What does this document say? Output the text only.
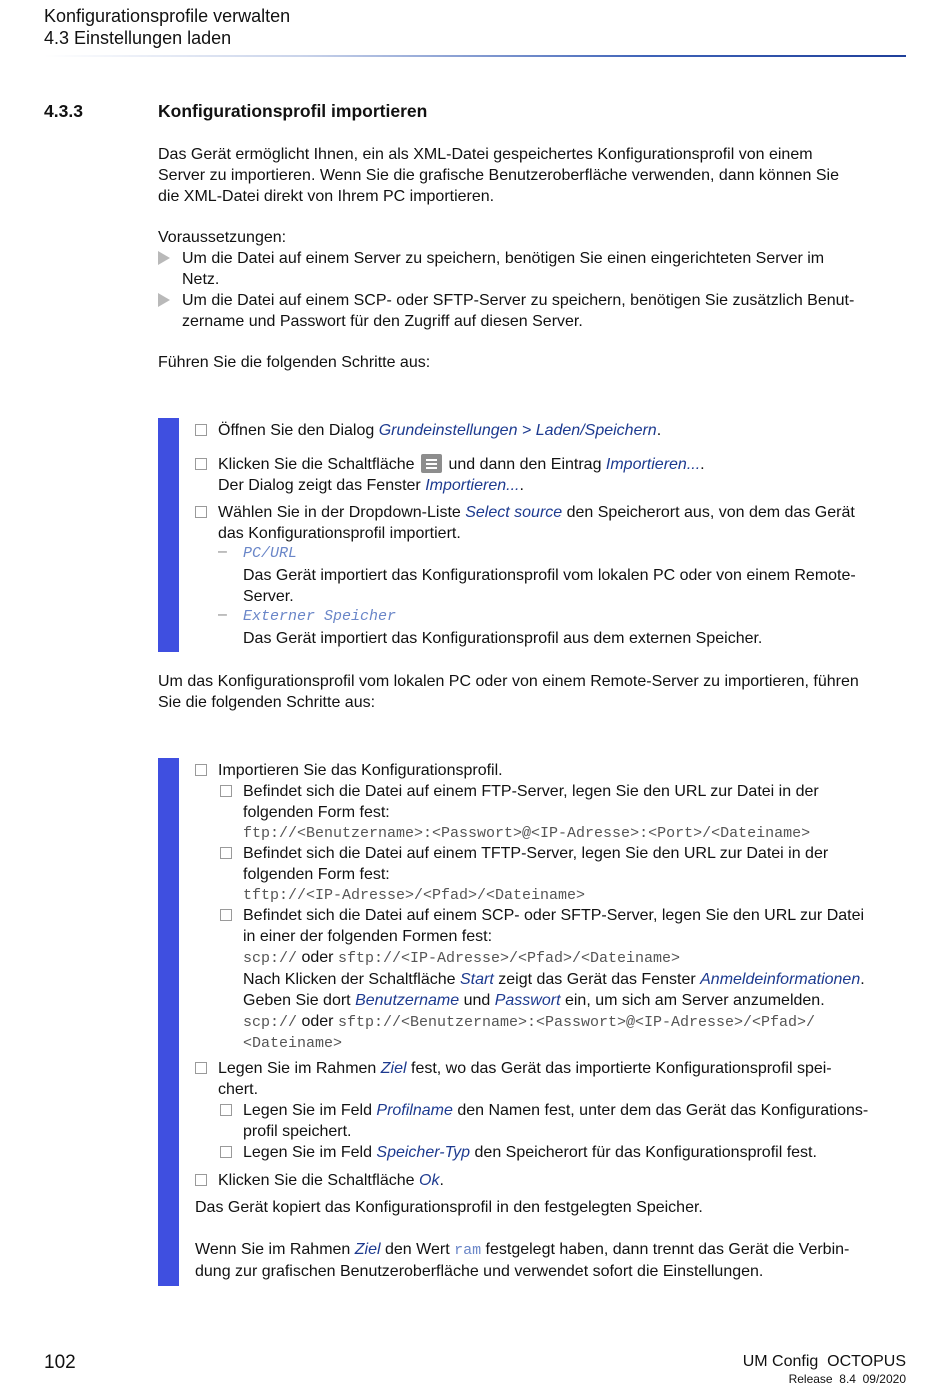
Konfigurationsprofile verwalten
4.3 Einstellungen laden
4.3.3	Konfigurationsprofil importieren
Das Gerät ermöglicht Ihnen, ein als XML-Datei gespeichertes Konfigurationsprofil von einem
Server zu importieren. Wenn Sie die grafische Benutzeroberfläche verwenden, dann können Sie
die XML-Datei direkt von Ihrem PC importieren.
Voraussetzungen:
Um die Datei auf einem Server zu speichern, benötigen Sie einen eingerichteten Server im
Netz.
Um die Datei auf einem SCP- oder SFTP-Server zu speichern, benötigen Sie zusätzlich Benut-
zername und Passwort für den Zugriff auf diesen Server.
Führen Sie die folgenden Schritte aus:
Öffnen Sie den Dialog Grundeinstellungen > Laden/Speichern.
Klicken Sie die Schaltfläche
und dann den Eintrag Importieren....
Der Dialog zeigt das Fenster Importieren....
Wählen Sie in der Dropdown-Liste Select source den Speicherort aus, von dem das Gerät
das Konfigurationsprofil importiert.
– PC/URL
Das Gerät importiert das Konfigurationsprofil vom lokalen PC oder von einem Remote-
Server.
– Externer Speicher
Das Gerät importiert das Konfigurationsprofil aus dem externen Speicher.
Um das Konfigurationsprofil vom lokalen PC oder von einem Remote-Server zu importieren, führen
Sie die folgenden Schritte aus:
Importieren Sie das Konfigurationsprofil.
Befindet sich die Datei auf einem FTP-Server, legen Sie den URL zur Datei in der
folgenden Form fest:
ftp://<Benutzername>:<Passwort>@<IP-Adresse>:<Port>/<Dateiname>
Befindet sich die Datei auf einem TFTP-Server, legen Sie den URL zur Datei in der
folgenden Form fest:
tftp://<IP-Adresse>/<Pfad>/<Dateiname>
Befindet sich die Datei auf einem SCP- oder SFTP-Server, legen Sie den URL zur Datei
in einer der folgenden Formen fest:
scp:// oder sftp://<IP-Adresse>/<Pfad>/<Dateiname>
Nach Klicken der Schaltfläche Start zeigt das Gerät das Fenster Anmeldeinformationen.
Geben Sie dort Benutzername und Passwort ein, um sich am Server anzumelden.
scp:// oder sftp://<Benutzername>:<Passwort>@<IP-Adresse>/<Pfad>/
<Dateiname>
Legen Sie im Rahmen Ziel fest, wo das Gerät das importierte Konfigurationsprofil spei-
chert.
Legen Sie im Feld Profilname den Namen fest, unter dem das Gerät das Konfigurations-
profil speichert.
Legen Sie im Feld Speicher-Typ den Speicherort für das Konfigurationsprofil fest.
Klicken Sie die Schaltfläche Ok.
Das Gerät kopiert das Konfigurationsprofil in den festgelegten Speicher.
Wenn Sie im Rahmen Ziel den Wert ram festgelegt haben, dann trennt das Gerät die Verbin-
dung zur grafischen Benutzeroberfläche und verwendet sofort die Einstellungen.
102	UM Config  OCTOPUS
Release  8.4  09/2020
